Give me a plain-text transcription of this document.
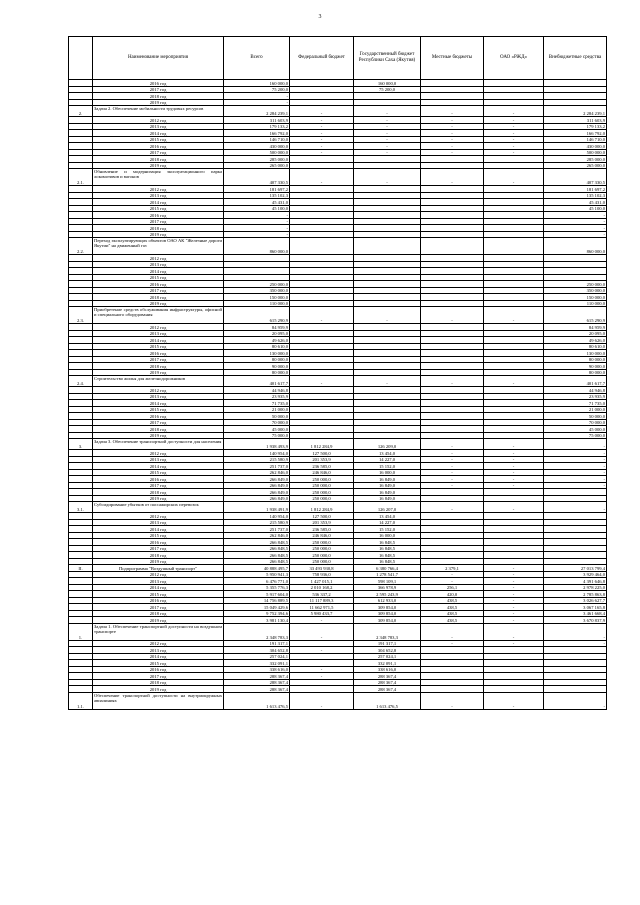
3
	Наименование мероприятия	Всего	Федеральный бюджет	Государственный бюджет Республики Саха (Якутия)	Местные бюджеты	ОАО «РЖД»	Внебюджетные средства
	2016 год	160 000,0		160 000,0			
	2017 год	75 200,0		75 200,0			
	2018 год	-					
	2019 год	-					
2.	Задача 2. Обеспечение мобильности трудовых ресурсов	2 284 239,1	-	-	-	-	2 284 239,1
	2012 год	311 603,9	-	-	-	-	311 603,9
	2013 год	179 133,2	-	-	-	-	179 133,2
	2014 год	166 792,0	-	-	-	-	166 792,0
	2015 год	146 710,0	-	-	-	-	146 710,0
	2016 год	430 000,0	-	-	-	-	430 000,0
	2017 год	500 000,0	-	-	-	-	500 000,0
	2018 год	285 000,0					285 000,0
	2019 год	265 000,0					265 000,0
2.1.	Обновление и модернизация эксплуатационного парка локомотивов и вагонов	407 330,5	-	-	-	-	407 330,5
	2012 год	181 697,2					181 697,2
	2013 год	135 102,3					135 102,3
	2014 год	45 431,0					45 431,0
	2015 год	45 100,0					45 100,0
	2016 год	-					-
	2017 год	-					-
	2018 год	-					-
	2019 год	-					-
2.2.	Переход эксплуатирующих объектов ОАО АК "Железные дороги Якутии" на движенный газ	860 000,0					860 000,0
	2012 год						
	2013 год						
	2014 год						
	2015 год						
	2016 год	250 000,0					250 000,0
	2017 год	350 000,0					350 000,0
	2018 год	150 000,0					150 000,0
	2019 год	110 000,0					110 000,0
2.3.	Приобретение средств обслуживания инфраструктуры, офисной и специального оборудования	615 290,9	-	-	-	-	615 290,9
	2012 год	84 959,9					84 959,9
	2013 год	20 095,0					20 095,0
	2014 год	49 626,0					49 626,0
	2015 год	80 610,0					80 610,0
	2016 год	130 000,0					130 000,0
	2017 год	80 000,0					80 000,0
	2018 год	90 000,0					90 000,0
	2019 год	80 000,0					80 000,0
2.4.	Строительство жилья для железнодорожников	401 617,7	-	-	-	-	401 617,7
	2012 год	44 946,8					44 946,8
	2013 год	23 935,9					23 935,9
	2014 год	71 735,0					71 735,0
	2015 год	21 000,0					21 000,0
	2016 год	50 000,0					50 000,0
	2017 год	70 000,0					70 000,0
	2018 год	45 000,0					45 000,0
	2019 год	75 000,0					75 000,0
3.	Задача 3. Обеспечение транспортной доступности для населения	1 938 493,9	1 812 284,9	126 209,0	-	-	-
	2012 год	140 954,0	127 500,0	13 454,0	-	-	-
	2013 год	215 580,9	201 353,9	14 227,0	-	-	-
	2014 год	251 737,0	236 585,0	15 152,0	-	-	-
	2015 год	262 846,0	246 846,0	16 000,0	-	-	-
	2016 год	266 849,0	250 000,0	16 849,0	-	-	-
	2017 год	266 849,0	250 000,0	16 849,0	-	-	-
	2018 год	266 849,0	250 000,0	16 849,0			
	2019 год	266 849,0	250 000,0	16 849,0			
3.1.	Субсидирование убытков от пассажирских перевозок	1 938 491,9	1 812 284,9	126 207,0	-	-	-
	2012 год	140 954,0	127 500,0	13 454,0			
	2013 год	215 580,9	201 353,9	14 227,0			
	2014 год	251 737,0	236 585,0	15 152,0			
	2015 год	262 846,0	246 846,0	16 000,0			
	2016 год	266 848,5	250 000,0	16 848,5			
	2017 год	266 848,5	250 000,0	16 848,5			
	2018 год	266 848,5	250 000,0	16 848,5			
	2019 год	266 848,5	250 000,0	16 848,5			
II.	Подпрограмма "Воздушный транспорт"	40 888 495,7	33 493 930,8	6 380 766,4	2 379,1	-	27 013 799,4
	2012 год	5 950 941,3	758 936,0	1 278 541,7	-	-	3 929 464,0
	2013 год	6 476 771,0	1 427 015,1	598 109,1	-	-	4 391 646,8
	2014 год	5 355 776,3	2 010 168,2	366 978,9	256,1	-	2 978 225,0
	2015 год	5 917 604,0	536 337,2	2 595 243,9	420,0	-	2 785 863,8
	2016 год	14 756 889,5	11 117 889,3	612 933,0	438,5	-	3 026 627,7
	2017 год	15 049 429,6	11 662 971,5	309 854,0	438,5	-	3 067 165,8
	2018 год	9 752 394,6	5 980 433,7	309 854,0	438,5	-	3 461 668,4
	2019 год	3 981 130,4	-	309 854,0	438,5	-	3 670 837,9
1.	Задача 1. Обеспечение транспортной доступности на воздушном транспорте	2 348 783,3	-	2 348 783,3	-	-	-
	2012 год	191 317,1		191 317,1	-	-	-
	2013 год	304 652,8	-	304 652,8			
	2014 год	257 024,1		257 024,1			
	2015 год	332 091,1		332 091,1			
	2016 год	338 616,0	-	338 616,0			
	2017 год	288 367,4	-	288 367,4			
	2018 год	288 367,4		288 367,4			
	2019 год	288 367,4		288 367,4			
1.1.	Обеспечение транспортной доступности на внутриокружных авиалиниях	1 613 476,5	-	1 613 476,5	-	-	-
